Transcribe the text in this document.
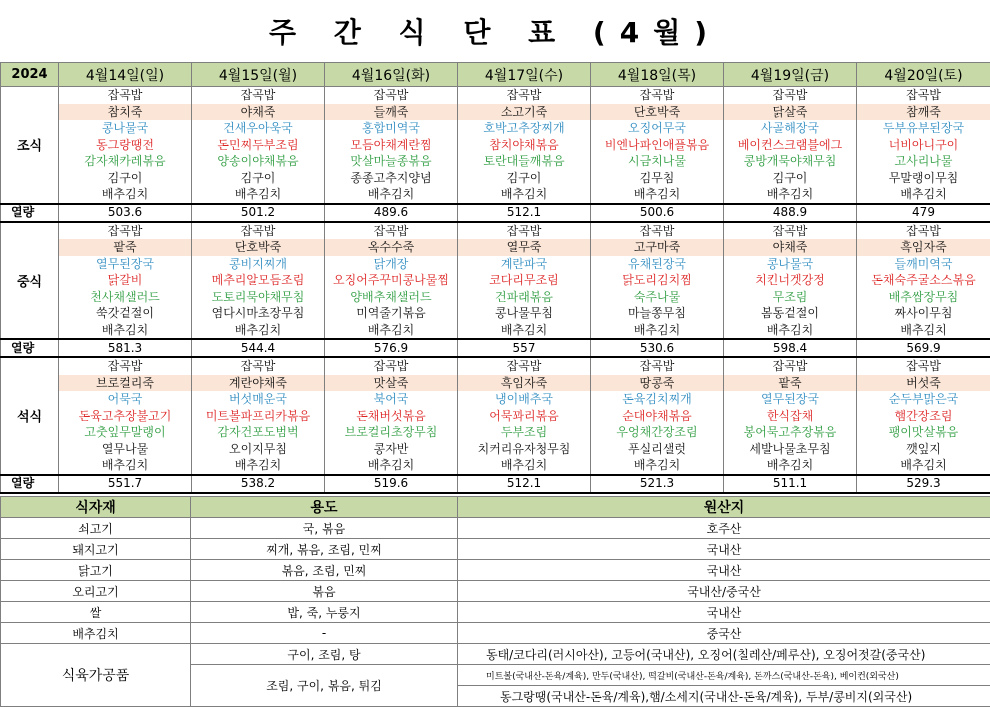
주 간 식 단 표 (4월)
2024	4월14일(일)	4월15일(월)	4월16일(화)	4월17일(수)	4월18일(목)	4월19일(금)	4월20일(토)
조식	잡곡밥	잡곡밥	잡곡밥	잡곡밥	잡곡밥	잡곡밥	잡곡밥
	참치죽	야채죽	들깨죽	소고기죽	단호박죽	닭살죽	참깨죽
	콩나물국	건새우아욱국	홍합미역국	호박고추장찌개	오징어무국	사골해장국	두부유부된장국
	동그랑땡전	돈민찌두부조림	모듬야채계란찜	참치야채볶음	비엔나파인애플볶음	베이컨스크램블에그	너비아니구이
	감자채카레볶음	양송이야채볶음	맛살마늘종볶음	토란대들깨볶음	시금치나물	콩방개묵야채무침	고사리나물
	김구이	김구이	종종고추지양념	김구이	김무침	김구이	무말랭이무침
	배추김치	배추김치	배추김치	배추김치	배추김치	배추김치	배추김치
열량	503.6	501.2	489.6	512.1	500.6	488.9	479
중식	잡곡밥	잡곡밥	잡곡밥	잡곡밥	잡곡밥	잡곡밥	잡곡밥
	팥죽	단호박죽	옥수수죽	열무죽	고구마죽	야채죽	흑임자죽
	열무된장국	콩비지찌개	닭개장	계란파국	유채된장국	콩나물국	들깨미역국
	닭갈비	메추리알모듬조림	오징어주꾸미콩나물찜	코다리무조림	닭도리김치찜	치킨너겟강정	돈채숙주굴소스볶음
	천사채샐러드	도토리묵야채무침	양배추채샐러드	건파래볶음	숙주나물	무조림	배추쌈장무침
	쑥갓겉절이	염다시마초장무침	미역줄기볶음	콩나물무침	마늘쫑무침	봄동겉절이	짜사이무침
	배추김치	배추김치	배추김치	배추김치	배추김치	배추김치	배추김치
열량	581.3	544.4	576.9	557	530.6	598.4	569.9
석식	잡곡밥	잡곡밥	잡곡밥	잡곡밥	잡곡밥	잡곡밥	잡곡밥
	브로컬리죽	계란야채죽	맛살죽	흑임자죽	땅콩죽	팥죽	버섯죽
	어묵국	버섯매운국	북어국	냉이배추국	돈육김치찌개	열무된장국	순두부맑은국
	돈육고추장불고기	미트볼파프리카볶음	돈채버섯볶음	어묵꽈리볶음	순대야채볶음	한식잡채	햄간장조림
	고춧잎무말랭이	감자건포도범벅	브로컬리초장무침	두부조림	우엉채간장조림	봉어묵고추장볶음	팽이맛살볶음
	열무나물	오이지무침	콩자반	치커리유자청무침	푸실리샐럿	세발나물초무침	깻잎지
	배추김치	배추김치	배추김치	배추김치	배추김치	배추김치	배추김치
열량	551.7	538.2	519.6	512.1	521.3	511.1	529.3
식자재	용도	원산지
쇠고기	국, 볶음	호주산
돼지고기	찌개, 볶음, 조림, 민찌	국내산
닭고기	볶음, 조림, 민찌	국내산
오리고기	볶음	국내산/중국산
쌀	밥, 죽, 누룽지	국내산
배추김치	-	중국산
식육가공품	구이, 조림, 탕	동태/코다리(러시아산), 고등어(국내산), 오징어(칠레산/페루산), 오징어젓갈(중국산)
	조림, 구이, 볶음, 튀김	미트볼(국내산-돈육/계육), 만두(국내산), 떡갈비(국내산-돈육/계육), 돈까스(국내산-돈육), 베이컨(외국산)
		동그랑땡(국내산-돈육/계육),햄/소세지(국내산-돈육/계육), 두부/콩비지(외국산)
